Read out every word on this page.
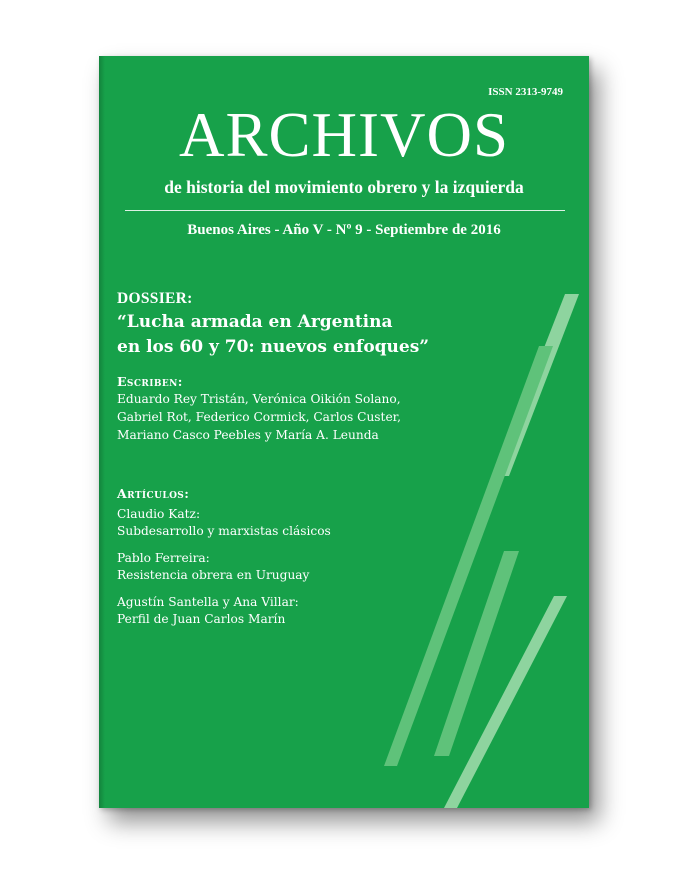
ISSN 2313-9749
ARCHIVOS
de historia del movimiento obrero y la izquierda
Buenos Aires - Año V - Nº 9 - Septiembre de 2016
DOSSIER:
“Lucha armada en Argentina
en los 60 y 70: nuevos enfoques”
Escriben:
Eduardo Rey Tristán, Verónica Oikión Solano,
Gabriel Rot, Federico Cormick, Carlos Custer,
Mariano Casco Peebles y María A. Leunda
Artículos:
Claudio Katz:
Subdesarrollo y marxistas clásicos
Pablo Ferreira:
Resistencia obrera en Uruguay
Agustín Santella y Ana Villar:
Perfil de Juan Carlos Marín
